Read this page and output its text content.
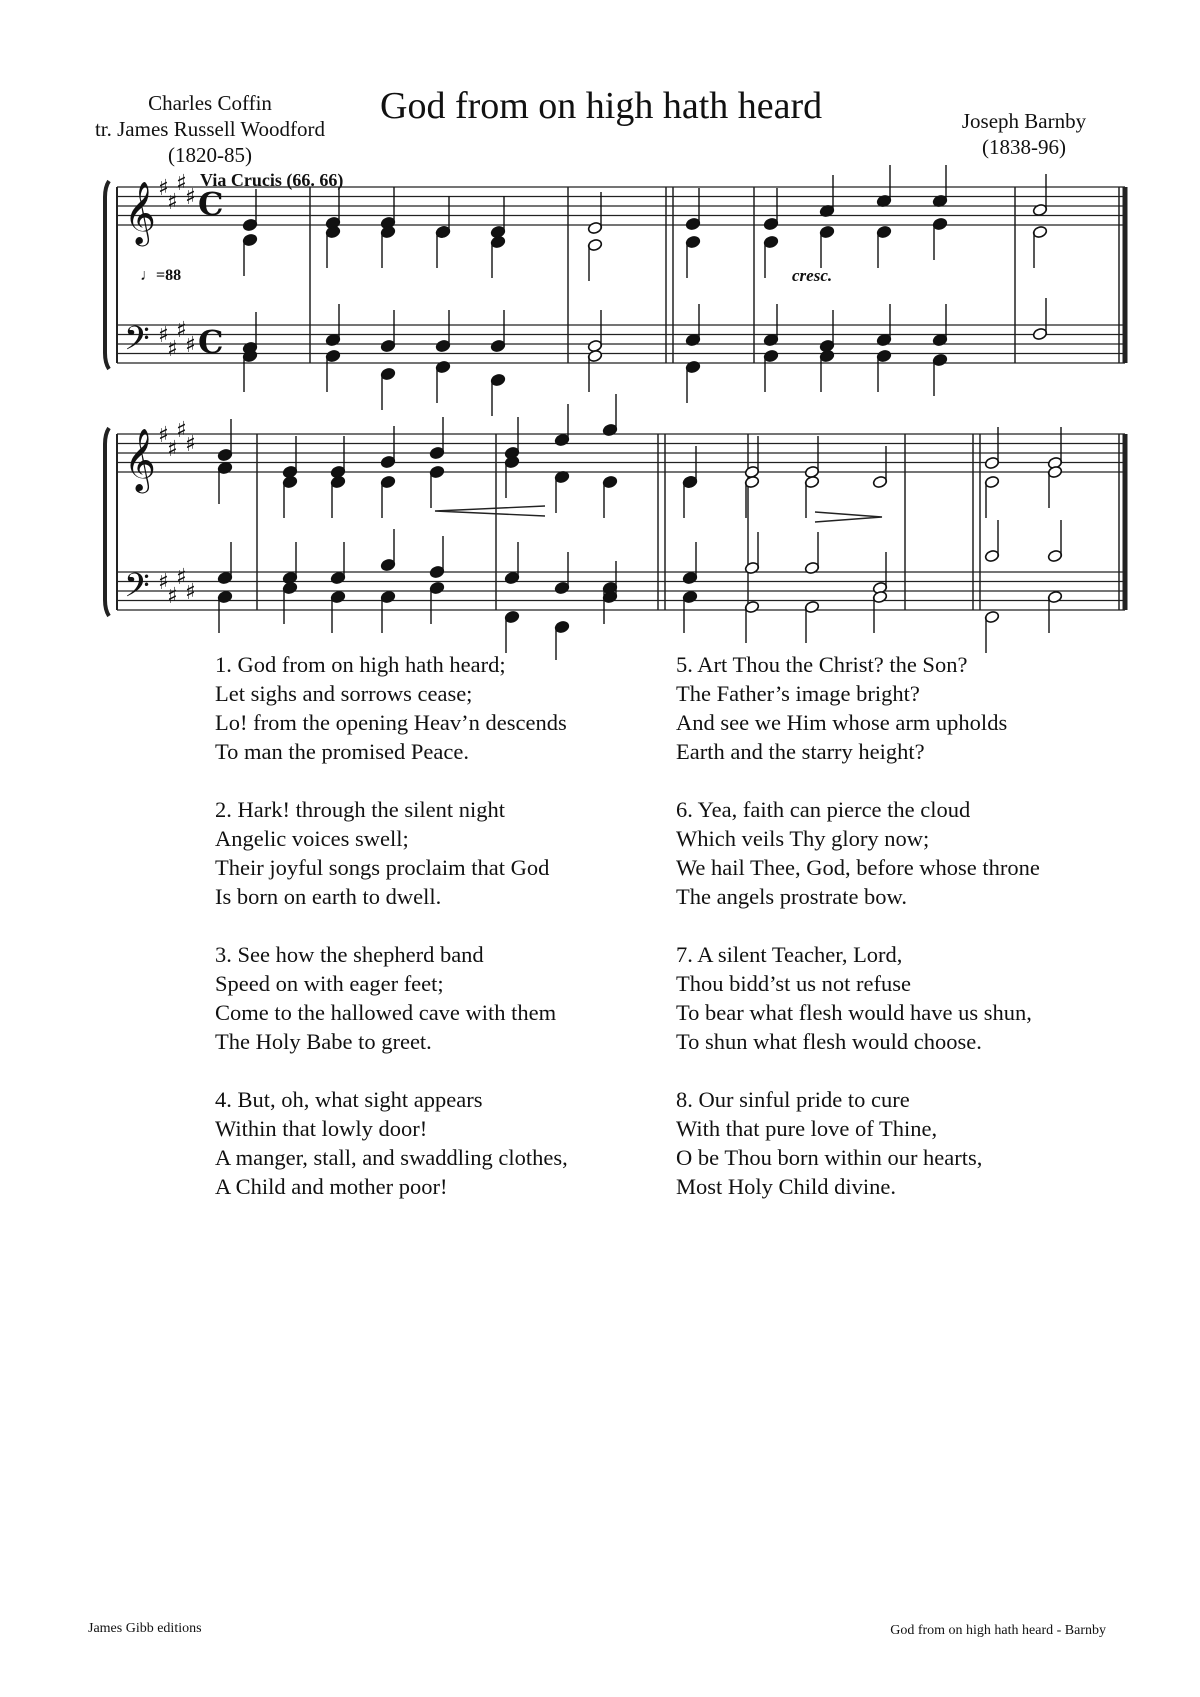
Charles Coffin
tr. James Russell Woodford
(1820-85)
God from on high hath heard	Joseph Barnby
(1838-96)
Via Crucis (66. 66)
♩=88	cresc.
𝄞 ♯
♯
♯
♯ C
𝄢 ♯
♯
♯
♯ C
𝄞 ♯
♯
♯
♯
𝄢 ♯
♯
♯
♯
1. God from on high hath heard;
Let sighs and sorrows cease;
Lo! from the opening Heav’n descends
To man the promised Peace.
2. Hark! through the silent night
Angelic voices swell;
Their joyful songs proclaim that God
Is born on earth to dwell.
3. See how the shepherd band
Speed on with eager feet;
Come to the hallowed cave with them
The Holy Babe to greet.
4. But, oh, what sight appears
Within that lowly door!
A manger, stall, and swaddling clothes,
A Child and mother poor!
5. Art Thou the Christ? the Son?
The Father’s image bright?
And see we Him whose arm upholds
Earth and the starry height?
6. Yea, faith can pierce the cloud
Which veils Thy glory now;
We hail Thee, God, before whose throne
The angels prostrate bow.
7. A silent Teacher, Lord,
Thou bidd’st us not refuse
To bear what flesh would have us shun,
To shun what flesh would choose.
8. Our sinful pride to cure
With that pure love of Thine,
O be Thou born within our hearts,
Most Holy Child divine.
James Gibb editions	God from on high hath heard - Barnby
